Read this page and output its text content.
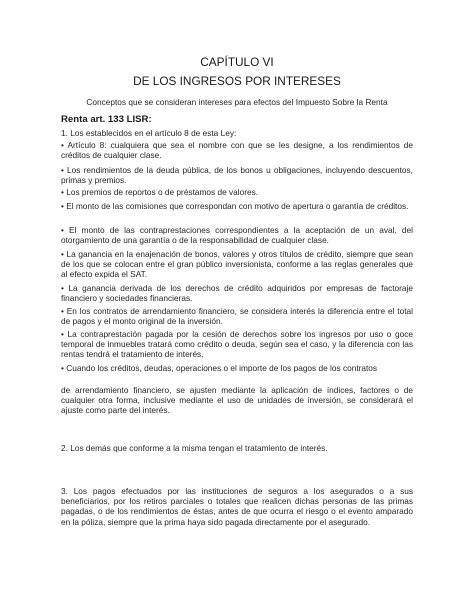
CAPÍTULO VI

DE LOS INGRESOS POR INTERESES

Conceptos que se consideran intereses para efectos del Impuesto Sobre la Renta

Renta art. 133 LISR:

1. Los establecidos en el artículo 8 de esta Ley:

• Artículo 8: cualquiera que sea el nombre con que se les designe, a los rendimientos de créditos de cualquier clase.

• Los rendimientos de la deuda pública, de los bonos u obligaciones, incluyendo descuentos, primas y premios.

• Los premios de reportos o de préstamos de valores.

• El monto de las comisiones que correspondan con motivo de apertura o garantía de créditos.

• El monto de las contraprestaciones correspondientes a la aceptación de un aval, del otorgamiento de una garantía o de la responsabilidad de cualquier clase.

• La ganancia en la enajenación de bonos, valores y otros títulos de crédito, siempre que sean de los que se colocan entre el gran público inversionista, conforme a las reglas generales que al efecto expida el SAT.

• La ganancia derivada de los derechos de crédito adquiridos por empresas de factoraje financiero y sociedades financieras.

• En los contratos de arrendamiento financiero, se considera interés la diferencia entre el total de pagos y el monto original de la inversión.

• La contraprestación pagada por la cesión de derechos sobre los ingresos por uso o goce temporal de inmuebles tratará como crédito o deuda, según sea el caso, y la diferencia con las rentas tendrá el tratamiento de interés.

• Cuando los créditos, deudas, operaciones o el importe de los pagos de los contratos

de arrendamiento financiero, se ajusten mediante la aplicación de índices, factores o de cualquier otra forma, inclusive mediante el uso de unidades de inversión, se considerará el ajuste como parte del interés.

2. Los demás que conforme a la misma tengan el tratamiento de interés.

3. Los pagos efectuados por las instituciones de seguros a los asegurados o a sus beneficiarios, por los retiros parciales o totales que realicen dichas personas de las primas pagadas, o de los rendimientos de éstas, antes de que ocurra el riesgo o el evento amparado en la póliza, siempre que la prima haya sido pagada directamente por el asegurado.
